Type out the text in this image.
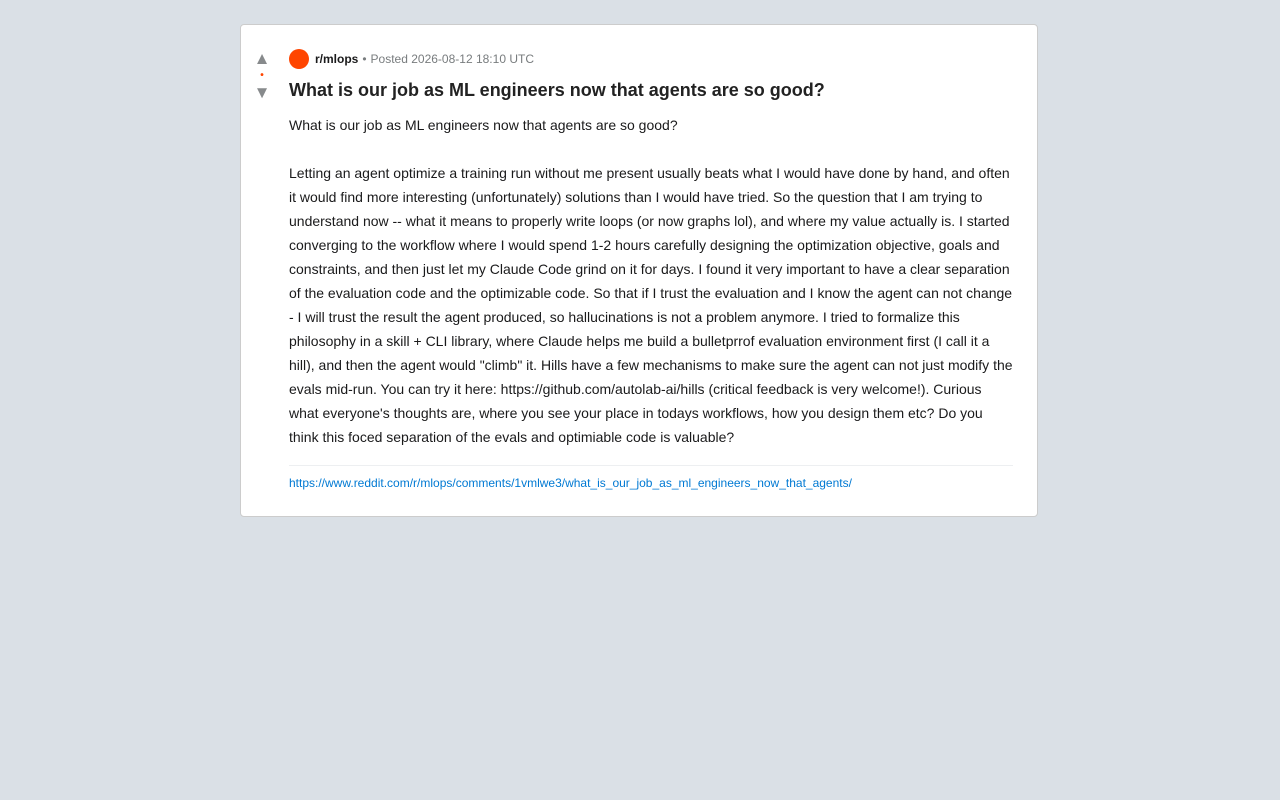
▲
•
▼
r/mlops • Posted 2026-08-12 18:10 UTC
What is our job as ML engineers now that agents are so good?

What is our job as ML engineers now that agents are so good?

Letting an agent optimize a training run without me present usually beats what I would have done by hand, and often it would find more interesting (unfortunately) solutions than I would have tried. So the question that I am trying to understand now -- what it means to properly write loops (or now graphs lol), and where my value actually is. I started converging to the workflow where I would spend 1-2 hours carefully designing the optimization objective, goals and constraints, and then just let my Claude Code grind on it for days. I found it very important to have a clear separation of the evaluation code and the optimizable code. So that if I trust the evaluation and I know the agent can not change - I will trust the result the agent produced, so hallucinations is not a problem anymore. I tried to formalize this philosophy in a skill + CLI library, where Claude helps me build a bulletprrof evaluation environment first (I call it a hill), and then the agent would "climb" it. Hills have a few mechanisms to make sure the agent can not just modify the evals mid-run. You can try it here: https://github.com/autolab-ai/hills (critical feedback is very welcome!). Curious what everyone's thoughts are, where you see your place in todays workflows, how you design them etc? Do you think this foced separation of the evals and optimiable code is valuable?

https://www.reddit.com/r/mlops/comments/1vmlwe3/what_is_our_job_as_ml_engineers_now_that_agents/
